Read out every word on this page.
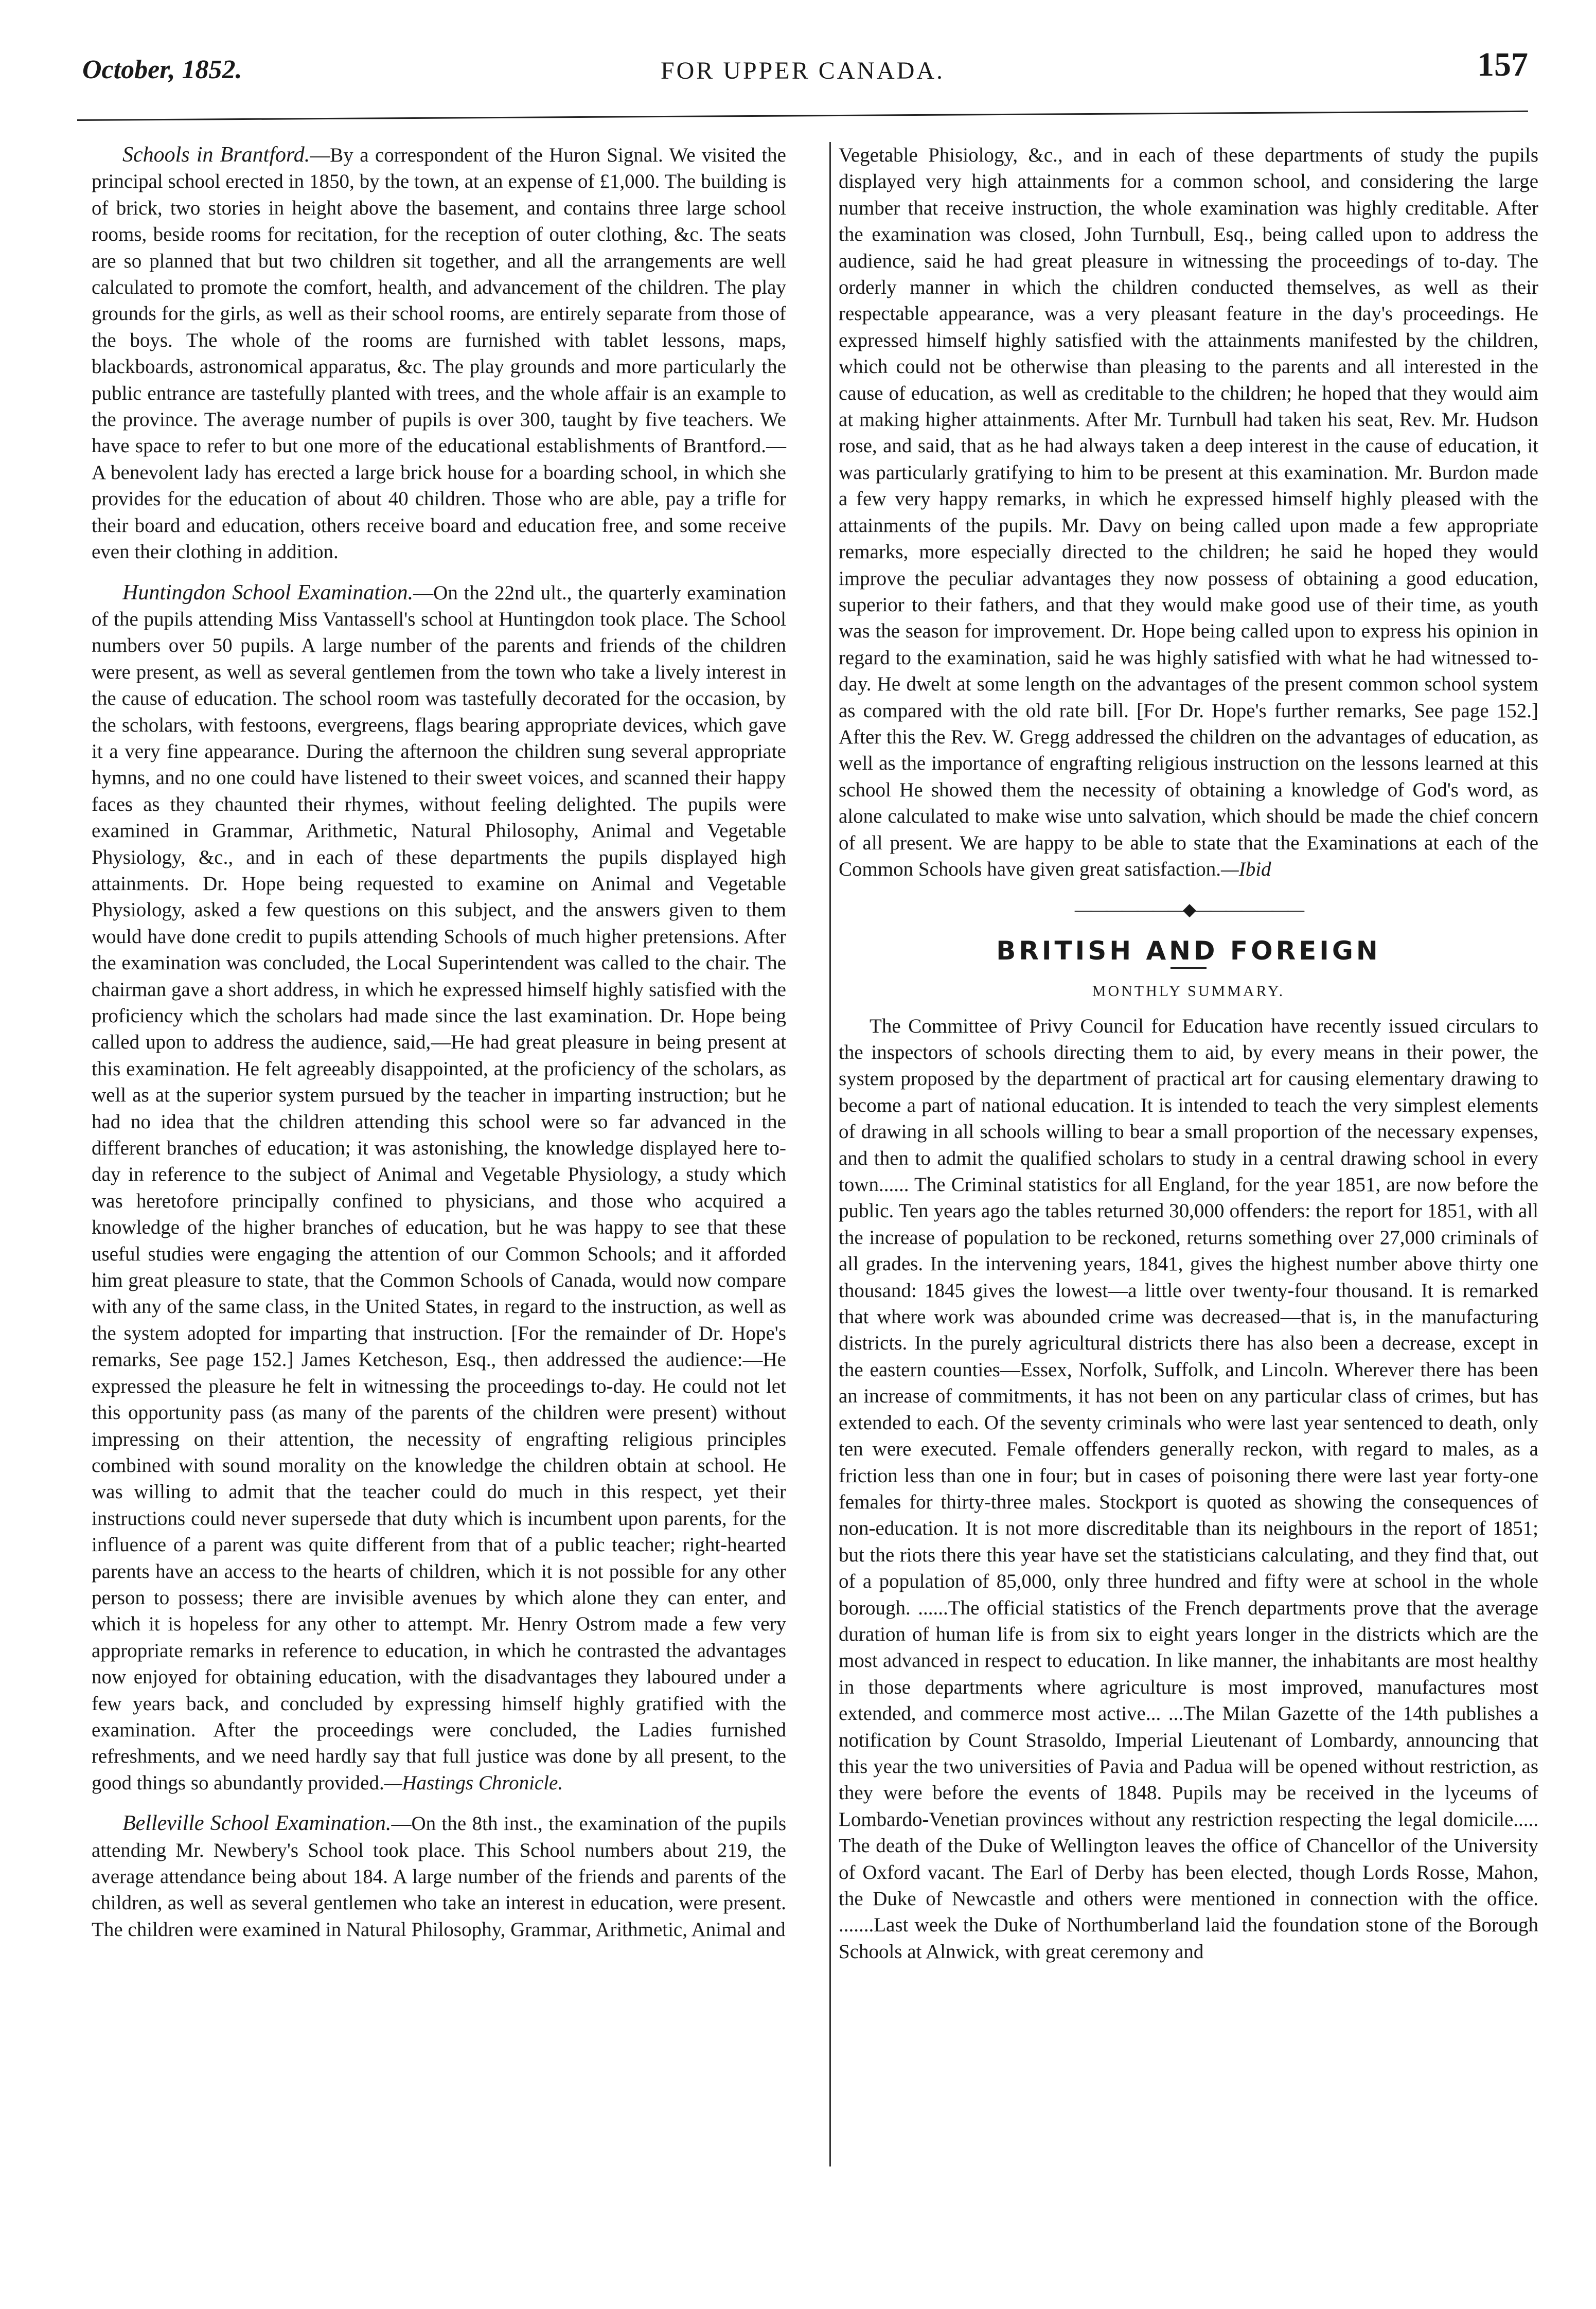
October, 1852.	FOR UPPER CANADA.	157

Schools in Brantford.—By a correspondent of the Huron Signal. We visited the principal school erected in 1850, by the town, at an expense of £1,000. The building is of brick, two stories in height above the basement, and contains three large school rooms, beside rooms for recitation, for the reception of outer clothing, &c. The seats are so planned that but two children sit together, and all the arrangements are well calculated to promote the comfort, health, and advancement of the children. The play grounds for the girls, as well as their school rooms, are entirely separate from those of the boys. The whole of the rooms are furnished with tablet lessons, maps, blackboards, astronomical apparatus, &c. The play grounds and more particularly the public entrance are tastefully planted with trees, and the whole affair is an example to the province. The average number of pupils is over 300, taught by five teachers. We have space to refer to but one more of the educational establishments of Brantford.—A benevolent lady has erected a large brick house for a boarding school, in which she provides for the education of about 40 children. Those who are able, pay a trifle for their board and education, others receive board and education free, and some receive even their clothing in addition.

Huntingdon School Examination.—On the 22nd ult., the quarterly examination of the pupils attending Miss Vantassell's school at Huntingdon took place. The School numbers over 50 pupils. A large number of the parents and friends of the children were present, as well as several gentlemen from the town who take a lively interest in the cause of education. The school room was tastefully decorated for the occasion, by the scholars, with festoons, evergreens, flags bearing appropriate devices, which gave it a very fine appearance. During the afternoon the children sung several appropriate hymns, and no one could have listened to their sweet voices, and scanned their happy faces as they chaunted their rhymes, without feeling delighted. The pupils were examined in Grammar, Arithmetic, Natural Philosophy, Animal and Vegetable Physiology, &c., and in each of these departments the pupils displayed high attainments. Dr. Hope being requested to examine on Animal and Vegetable Physiology, asked a few questions on this subject, and the answers given to them would have done credit to pupils attending Schools of much higher pretensions. After the examination was concluded, the Local Superintendent was called to the chair. The chairman gave a short address, in which he expressed himself highly satisfied with the proficiency which the scholars had made since the last examination. Dr. Hope being called upon to address the audience, said,—He had great pleasure in being present at this examination. He felt agreeably disappointed, at the proficiency of the scholars, as well as at the superior system pursued by the teacher in imparting instruction; but he had no idea that the children attending this school were so far advanced in the different branches of education; it was astonishing, the knowledge displayed here to-day in reference to the subject of Animal and Vegetable Physiology, a study which was heretofore principally confined to physicians, and those who acquired a knowledge of the higher branches of education, but he was happy to see that these useful studies were engaging the attention of our Common Schools; and it afforded him great pleasure to state, that the Common Schools of Canada, would now compare with any of the same class, in the United States, in regard to the instruction, as well as the system adopted for imparting that instruction. [For the remainder of Dr. Hope's remarks, See page 152.] James Ketcheson, Esq., then addressed the audience:—He expressed the pleasure he felt in witnessing the proceedings to-day. He could not let this opportunity pass (as many of the parents of the children were present) without impressing on their attention, the necessity of engrafting religious principles combined with sound morality on the knowledge the children obtain at school. He was willing to admit that the teacher could do much in this respect, yet their instructions could never supersede that duty which is incumbent upon parents, for the influence of a parent was quite different from that of a public teacher; right-hearted parents have an access to the hearts of children, which it is not possible for any other person to possess; there are invisible avenues by which alone they can enter, and which it is hopeless for any other to attempt. Mr. Henry Ostrom made a few very appropriate remarks in reference to education, in which he contrasted the advantages now enjoyed for obtaining education, with the disadvantages they laboured under a few years back, and concluded by expressing himself highly gratified with the examination. After the proceedings were concluded, the Ladies furnished refreshments, and we need hardly say that full justice was done by all present, to the good things so abundantly provided.—Hastings Chronicle.

Belleville School Examination.—On the 8th inst., the examination of the pupils attending Mr. Newbery's School took place. This School numbers about 219, the average attendance being about 184. A large number of the friends and parents of the children, as well as several gentlemen who take an interest in education, were present. The children were examined in Natural Philosophy, Grammar, Arithmetic, Animal and

Vegetable Phisiology, &c., and in each of these departments of study the pupils displayed very high attainments for a common school, and considering the large number that receive instruction, the whole examination was highly creditable. After the examination was closed, John Turnbull, Esq., being called upon to address the audience, said he had great pleasure in witnessing the proceedings of to-day. The orderly manner in which the children conducted themselves, as well as their respectable appearance, was a very pleasant feature in the day's proceedings. He expressed himself highly satisfied with the attainments manifested by the children, which could not be otherwise than pleasing to the parents and all interested in the cause of education, as well as creditable to the children; he hoped that they would aim at making higher attainments. After Mr. Turnbull had taken his seat, Rev. Mr. Hudson rose, and said, that as he had always taken a deep interest in the cause of education, it was particularly gratifying to him to be present at this examination. Mr. Burdon made a few very happy remarks, in which he expressed himself highly pleased with the attainments of the pupils. Mr. Davy on being called upon made a few appropriate remarks, more especially directed to the children; he said he hoped they would improve the peculiar advantages they now possess of obtaining a good education, superior to their fathers, and that they would make good use of their time, as youth was the season for improvement. Dr. Hope being called upon to express his opinion in regard to the examination, said he was highly satisfied with what he had witnessed to-day. He dwelt at some length on the advantages of the present common school system as compared with the old rate bill. [For Dr. Hope's further remarks, See page 152.] After this the Rev. W. Gregg addressed the children on the advantages of education, as well as the importance of engrafting religious instruction on the lessons learned at this school He showed them the necessity of obtaining a knowledge of God's word, as alone calculated to make wise unto salvation, which should be made the chief concern of all present. We are happy to be able to state that the Examinations at each of the Common Schools have given great satisfaction.—Ibid

———————◆———————
BRITISH AND FOREIGN
MONTHLY SUMMARY.

The Committee of Privy Council for Education have recently issued circulars to the inspectors of schools directing them to aid, by every means in their power, the system proposed by the department of practical art for causing elementary drawing to become a part of national education. It is intended to teach the very simplest elements of drawing in all schools willing to bear a small proportion of the necessary expenses, and then to admit the qualified scholars to study in a central drawing school in every town...... The Criminal statistics for all England, for the year 1851, are now before the public. Ten years ago the tables returned 30,000 offenders: the report for 1851, with all the increase of population to be reckoned, returns something over 27,000 criminals of all grades. In the intervening years, 1841, gives the highest number above thirty one thousand: 1845 gives the lowest—a little over twenty-four thousand. It is remarked that where work was abounded crime was decreased—that is, in the manufacturing districts. In the purely agricultural districts there has also been a decrease, except in the eastern counties—Essex, Norfolk, Suffolk, and Lincoln. Wherever there has been an increase of commitments, it has not been on any particular class of crimes, but has extended to each. Of the seventy criminals who were last year sentenced to death, only ten were executed. Female offenders generally reckon, with regard to males, as a friction less than one in four; but in cases of poisoning there were last year forty-one females for thirty-three males. Stockport is quoted as showing the consequences of non-education. It is not more discreditable than its neighbours in the report of 1851; but the riots there this year have set the statisticians calculating, and they find that, out of a population of 85,000, only three hundred and fifty were at school in the whole borough. ......The official statistics of the French departments prove that the average duration of human life is from six to eight years longer in the districts which are the most advanced in respect to education. In like manner, the inhabitants are most healthy in those departments where agriculture is most improved, manufactures most extended, and commerce most active... ...The Milan Gazette of the 14th publishes a notification by Count Strasoldo, Imperial Lieutenant of Lombardy, announcing that this year the two universities of Pavia and Padua will be opened without restriction, as they were before the events of 1848. Pupils may be received in the lyceums of Lombardo-Venetian provinces without any restriction respecting the legal domicile..... The death of the Duke of Wellington leaves the office of Chancellor of the University of Oxford vacant. The Earl of Derby has been elected, though Lords Rosse, Mahon, the Duke of Newcastle and others were mentioned in connection with the office. .......Last week the Duke of Northumberland laid the foundation stone of the Borough Schools at Alnwick, with great ceremony and
